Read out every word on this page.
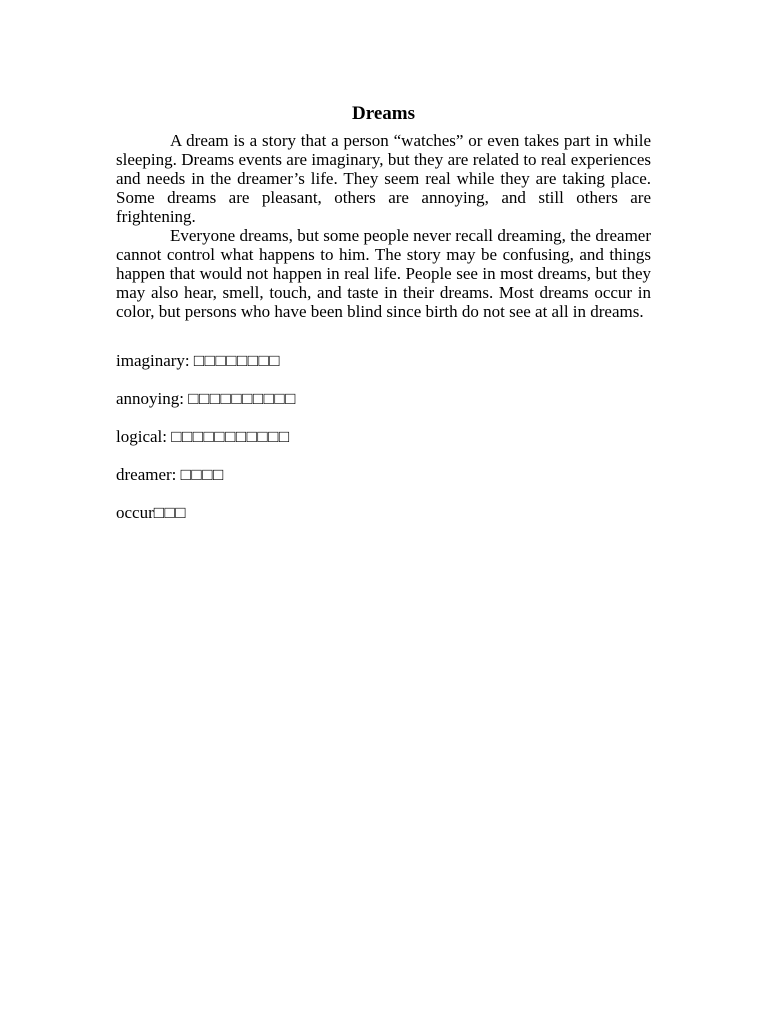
Dreams

A dream is a story that a person “watches” or even takes part in while sleeping. Dreams events are imaginary, but they are related to real experiences and needs in the dreamer’s life. They seem real while they are taking place. Some dreams are pleasant, others are annoying, and still others are frightening.

Everyone dreams, but some people never recall dreaming, the dreamer cannot control what happens to him. The story may be confusing, and things happen that would not happen in real life. People see in most dreams, but they may also hear, smell, touch, and taste in their dreams. Most dreams occur in color, but persons who have been blind since birth do not see at all in dreams.

imaginary: □□□□□□□□
annoying: □□□□□□□□□□
logical: □□□□□□□□□□□
dreamer: □□□□
occur□□□
